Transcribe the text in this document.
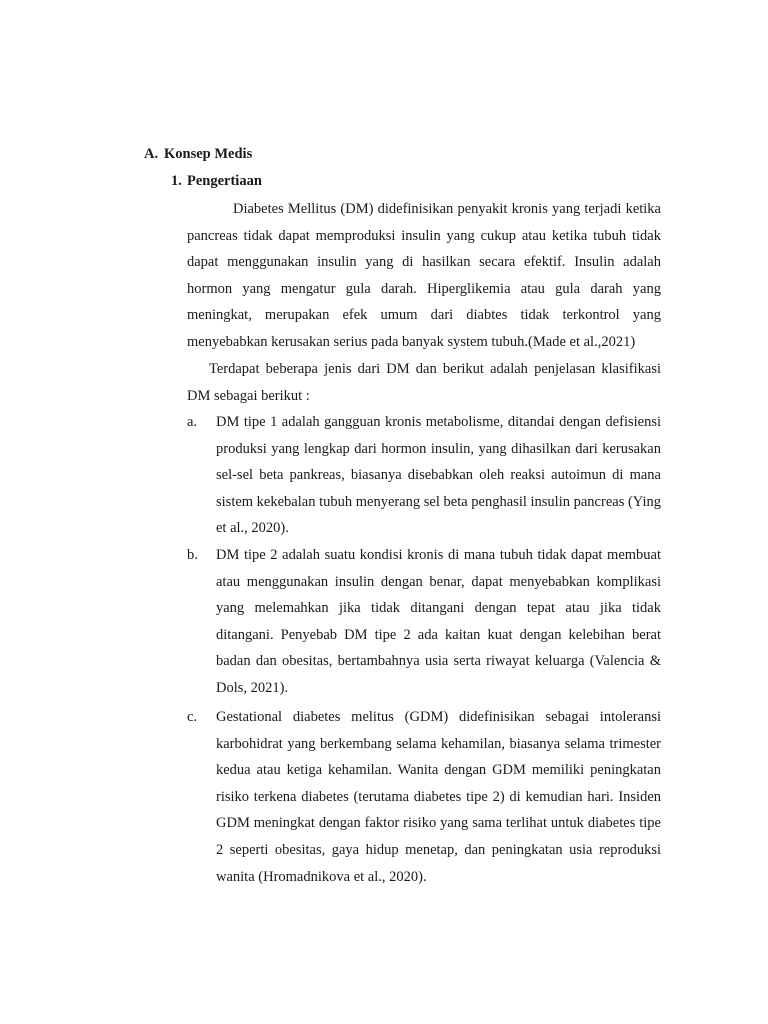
A. Konsep Medis
1. Pengertiaan

Diabetes Mellitus (DM) didefinisikan penyakit kronis yang terjadi ketika pancreas tidak dapat memproduksi insulin yang cukup atau ketika tubuh tidak dapat menggunakan insulin yang di hasilkan secara efektif. Insulin adalah hormon yang mengatur gula darah. Hiperglikemia atau gula darah yang meningkat, merupakan efek umum dari diabtes tidak terkontrol yang menyebabkan kerusakan serius pada banyak system tubuh.(Made et al.,2021)

Terdapat beberapa jenis dari DM dan berikut adalah penjelasan klasifikasi DM sebagai berikut :

a. DM tipe 1 adalah gangguan kronis metabolisme, ditandai dengan defisiensi produksi yang lengkap dari hormon insulin, yang dihasilkan dari kerusakan sel-sel beta pankreas, biasanya disebabkan oleh reaksi autoimun di mana sistem kekebalan tubuh menyerang sel beta penghasil insulin pancreas (Ying et al., 2020).
b. DM tipe 2 adalah suatu kondisi kronis di mana tubuh tidak dapat membuat atau menggunakan insulin dengan benar, dapat menyebabkan komplikasi yang melemahkan jika tidak ditangani dengan tepat atau jika tidak ditangani. Penyebab DM tipe 2 ada kaitan kuat dengan kelebihan berat badan dan obesitas, bertambahnya usia serta riwayat keluarga (Valencia & Dols, 2021).
c. Gestational diabetes melitus (GDM) didefinisikan sebagai intoleransi karbohidrat yang berkembang selama kehamilan, biasanya selama trimester kedua atau ketiga kehamilan. Wanita dengan GDM memiliki peningkatan risiko terkena diabetes (terutama diabetes tipe 2) di kemudian hari. Insiden GDM meningkat dengan faktor risiko yang sama terlihat untuk diabetes tipe 2 seperti obesitas, gaya hidup menetap, dan peningkatan usia reproduksi wanita (Hromadnikova et al., 2020).
